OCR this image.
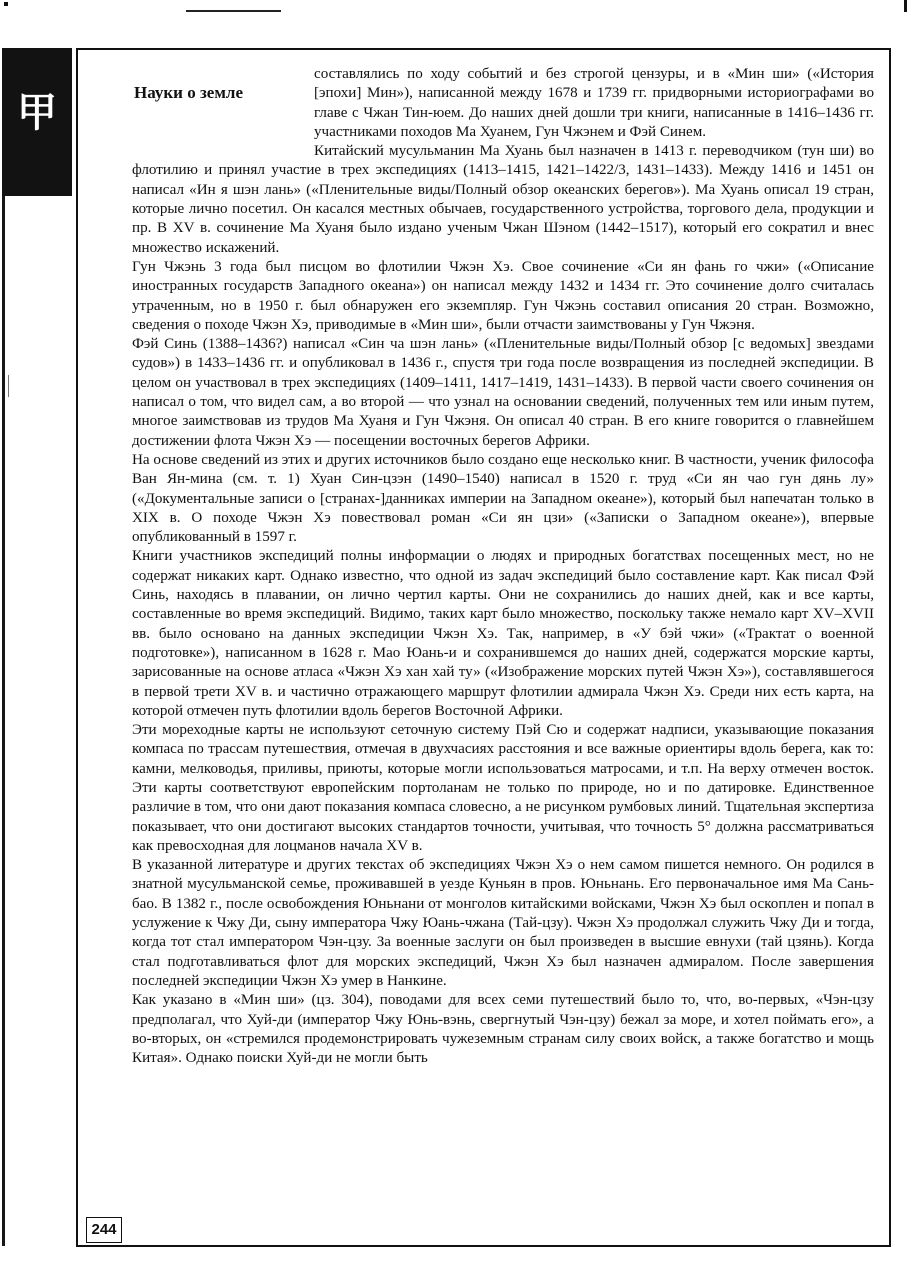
甲	Науки о земле

составлялись по ходу событий и без строгой цензуры, и в «Мин ши» («История [эпохи] Мин»), написанной между 1678 и 1739 гг. придворными историографами во главе с Чжан Тин-юем. До наших дней дошли три книги, написанные в 1416–1436 гг. участниками походов Ма Хуанем, Гун Чжэнем и Фэй Синем.

Китайский мусульманин Ма Хуань был назначен в 1413 г. переводчиком (тун ши) во флотилию и принял участие в трех экспедициях (1413–1415, 1421–1422/3, 1431–1433). Между 1416 и 1451 он написал «Ин я шэн лань» («Пленительные виды/Полный обзор океанских берегов»). Ма Хуань описал 19 стран, которые лично посетил. Он касался местных обычаев, государственного устройства, торгового дела, продукции и пр. В XV в. сочинение Ма Хуаня было издано ученым Чжан Шэном (1442–1517), который его сократил и внес множество искажений.

Гун Чжэнь 3 года был писцом во флотилии Чжэн Хэ. Свое сочинение «Си ян фань го чжи» («Описание иностранных государств Западного океана») он написал между 1432 и 1434 гг. Это сочинение долго считалась утраченным, но в 1950 г. был обнаружен его экземпляр. Гун Чжэнь составил описания 20 стран. Возможно, сведения о походе Чжэн Хэ, приводимые в «Мин ши», были отчасти заимствованы у Гун Чжэня.

Фэй Синь (1388–1436?) написал «Син ча шэн лань» («Пленительные виды/Полный обзор [с ведомых] звездами судов») в 1433–1436 гг. и опубликовал в 1436 г., спустя три года после возвращения из последней экспедиции. В целом он участвовал в трех экспедициях (1409–1411, 1417–1419, 1431–1433). В первой части своего сочинения он написал о том, что видел сам, а во второй — что узнал на основании сведений, полученных тем или иным путем, многое заимствовав из трудов Ма Хуаня и Гун Чжэня. Он описал 40 стран. В его книге говорится о главнейшем достижении флота Чжэн Хэ — посещении восточных берегов Африки.

На основе сведений из этих и других источников было создано еще несколько книг. В частности, ученик философа Ван Ян-мина (см. т. 1) Хуан Син-цзэн (1490–1540) написал в 1520 г. труд «Си ян чао гун дянь лу» («Документальные записи о [странах-]данниках империи на Западном океане»), который был напечатан только в XIX в. О походе Чжэн Хэ повествовал роман «Си ян цзи» («Записки о Западном океане»), впервые опубликованный в 1597 г.

Книги участников экспедиций полны информации о людях и природных богатствах посещенных мест, но не содержат никаких карт. Однако известно, что одной из задач экспедиций было составление карт. Как писал Фэй Синь, находясь в плавании, он лично чертил карты. Они не сохранились до наших дней, как и все карты, составленные во время экспедиций. Видимо, таких карт было множество, поскольку также немало карт XV–XVII вв. было основано на данных экспедиции Чжэн Хэ. Так, например, в «У бэй чжи» («Трактат о военной подготовке»), написанном в 1628 г. Мао Юань-и и сохранившемся до наших дней, содержатся морские карты, зарисованные на основе атласа «Чжэн Хэ хан хай ту» («Изображение морских путей Чжэн Хэ»), составлявшегося в первой трети XV в. и частично отражающего маршрут флотилии адмирала Чжэн Хэ. Среди них есть карта, на которой отмечен путь флотилии вдоль берегов Восточной Африки.

Эти мореходные карты не используют сеточную систему Пэй Сю и содержат надписи, указывающие показания компаса по трассам путешествия, отмечая в двухчасиях расстояния и все важные ориентиры вдоль берега, как то: камни, мелководья, приливы, приюты, которые могли использоваться матросами, и т.п. На верху отмечен восток. Эти карты соответствуют европейским портоланам не только по природе, но и по датировке. Единственное различие в том, что они дают показания компаса словесно, а не рисунком румбовых линий. Тщательная экспертиза показывает, что они достигают высоких стандартов точности, учитывая, что точность 5° должна рассматриваться как превосходная для лоцманов начала XV в.

В указанной литературе и других текстах об экспедициях Чжэн Хэ о нем самом пишется немного. Он родился в знатной мусульманской семье, проживавшей в уезде Куньян в пров. Юньнань. Его первоначальное имя Ма Сань-бао. В 1382 г., после освобождения Юньнани от монголов китайскими войсками, Чжэн Хэ был оскоплен и попал в услужение к Чжу Ди, сыну императора Чжу Юань-чжана (Тай-цзу). Чжэн Хэ продолжал служить Чжу Ди и тогда, когда тот стал императором Чэн-цзу. За военные заслуги он был произведен в высшие евнухи (тай цзянь). Когда стал подготавливаться флот для морских экспедиций, Чжэн Хэ был назначен адмиралом. После завершения последней экспедиции Чжэн Хэ умер в Нанкине.

Как указано в «Мин ши» (цз. 304), поводами для всех семи путешествий было то, что, во-первых, «Чэн-цзу предполагал, что Хуй-ди (император Чжу Юнь-вэнь, свергнутый Чэн-цзу) бежал за море, и хотел поймать его», а во-вторых, он «стремился продемонстрировать чужеземным странам силу своих войск, а также богатство и мощь Китая». Однако поиски Хуй-ди не могли быть

244
